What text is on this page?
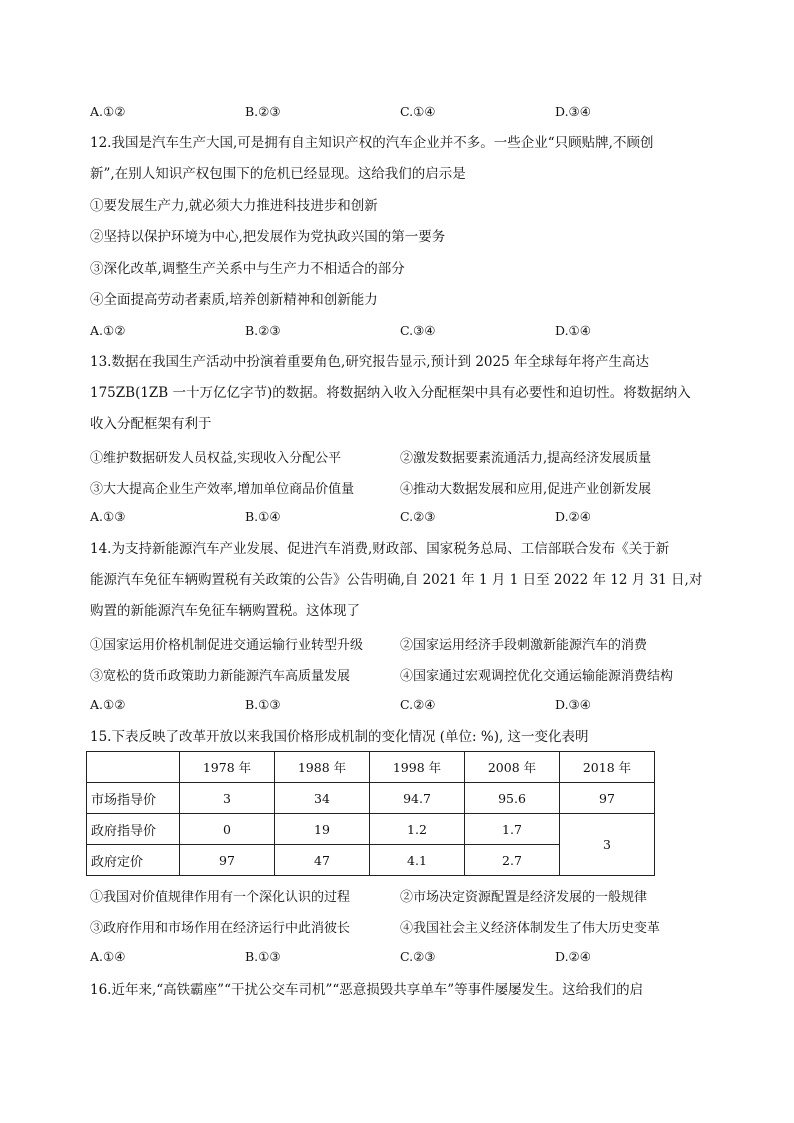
A.①②	B.②③	C.①④	D.③④
12.我国是汽车生产大国,可是拥有自主知识产权的汽车企业并不多。一些企业“只顾贴牌,不顾创
新”,在别人知识产权包围下的危机已经显现。这给我们的启示是
①要发展生产力,就必须大力推进科技进步和创新
②坚持以保护环境为中心,把发展作为党执政兴国的第一要务
③深化改革,调整生产关系中与生产力不相适合的部分
④全面提高劳动者素质,培养创新精神和创新能力
A.①②	B.②③	C.③④	D.①④
13.数据在我国生产活动中扮演着重要角色,研究报告显示,预计到 2025 年全球每年将产生高达
175ZB(1ZB 一十万亿亿字节)的数据。将数据纳入收入分配框架中具有必要性和迫切性。将数据纳入
收入分配框架有利于
①维护数据研发人员权益,实现收入分配公平	②激发数据要素流通活力,提高经济发展质量
③大大提高企业生产效率,增加单位商品价值量	④推动大数据发展和应用,促进产业创新发展
A.①③	B.①④	C.②③	D.②④
14.为支持新能源汽车产业发展、促进汽车消费,财政部、国家税务总局、工信部联合发布《关于新
能源汽车免征车辆购置税有关政策的公告》公告明确,自 2021 年 1 月 1 日至 2022 年 12 月 31 日,对
购置的新能源汽车免征车辆购置税。这体现了
①国家运用价格机制促进交通运输行业转型升级	②国家运用经济手段刺激新能源汽车的消费
③宽松的货币政策助力新能源汽车高质量发展	④国家通过宏观调控优化交通运输能源消费结构
A.①②	B.①③	C.②④	D.③④
15.下表反映了改革开放以来我国价格形成机制的变化情况 (单位: %), 这一变化表明
	1978 年	1988 年	1998 年	2008 年	2018 年
市场指导价	3	34	94.7	95.6	97
政府指导价	0	19	1.2	1.7	3
政府定价	97	47	4.1	2.7	
①我国对价值规律作用有一个深化认识的过程	②市场决定资源配置是经济发展的一般规律
③政府作用和市场作用在经济运行中此消彼长	④我国社会主义经济体制发生了伟大历史变革
A.①④	B.①③	C.②③	D.②④
16.近年来,“高铁霸座”“干扰公交车司机”“恶意损毁共享单车”等事件屡屡发生。这给我们的启
